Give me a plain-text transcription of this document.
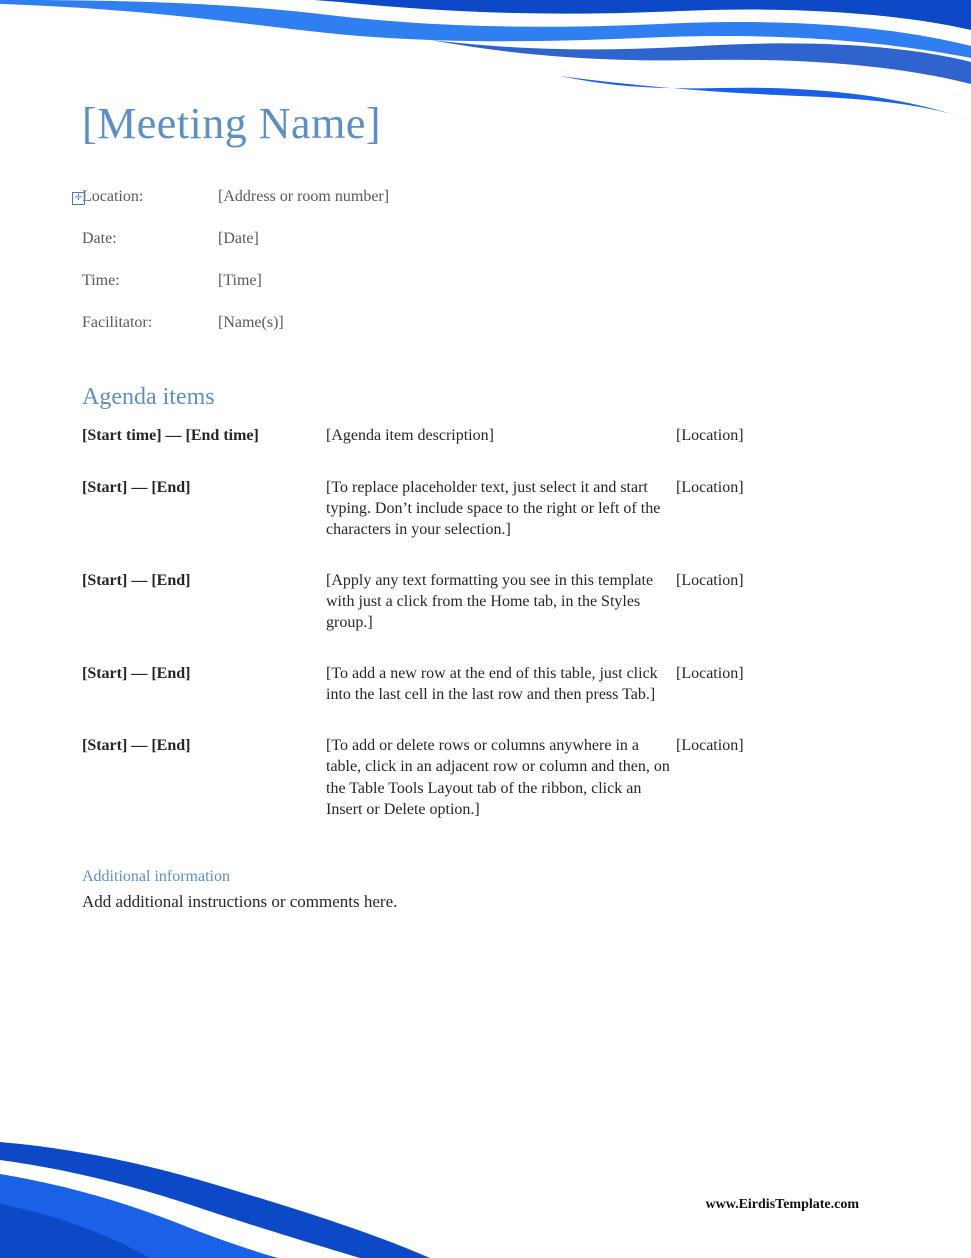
✛
[Meeting Name]
Location:	[Address or room number]
Date:	[Date]
Time:	[Time]
Facilitator:	[Name(s)]
Agenda items
[Start time] — [End time]	[Agenda item description]	[Location]
[Start] — [End]	[To replace placeholder text, just select it and start typing. Don’t include space to the right or left of the characters in your selection.]	[Location]
[Start] — [End]	[Apply any text formatting you see in this template with just a click from the Home tab, in the Styles group.]	[Location]
[Start] — [End]	[To add a new row at the end of this table, just click into the last cell in the last row and then press Tab.]	[Location]
[Start] — [End]	[To add or delete rows or columns anywhere in a table, click in an adjacent row or column and then, on the Table Tools Layout tab of the ribbon, click an Insert or Delete option.]	[Location]
Additional information
Add additional instructions or comments here.
www.EirdisTemplate.com
